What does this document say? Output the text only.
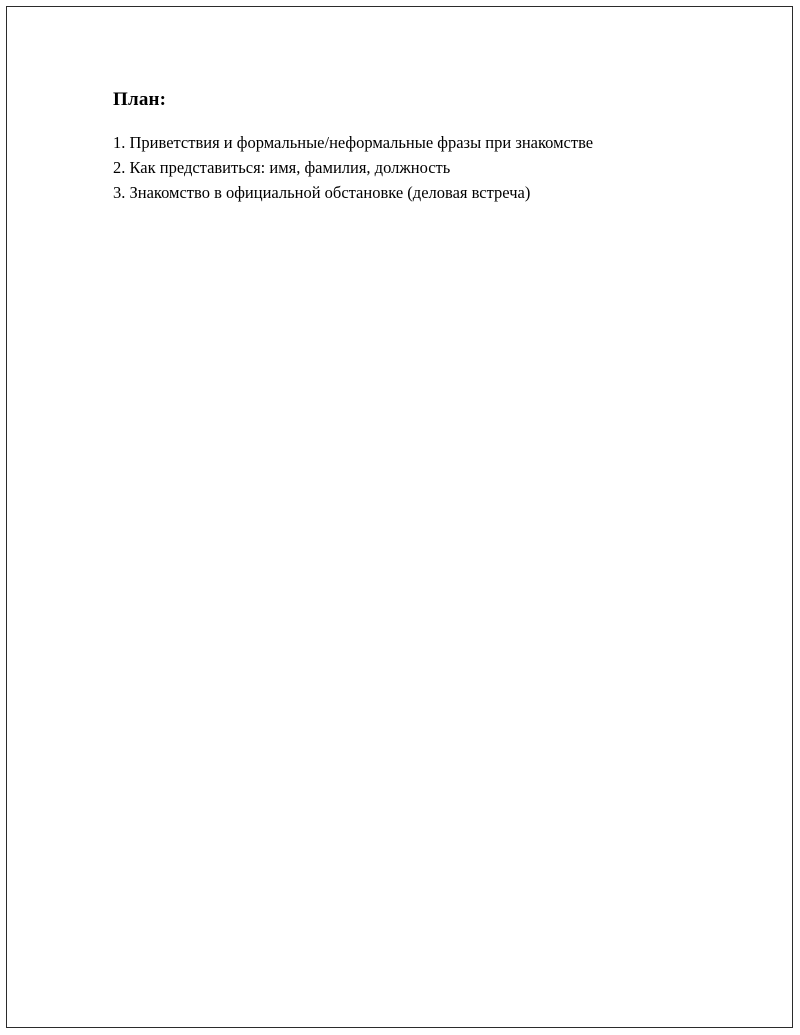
План:
1. Приветствия и формальные/неформальные фразы при знакомстве
2. Как представиться: имя, фамилия, должность
3. Знакомство в официальной обстановке (деловая встреча)
